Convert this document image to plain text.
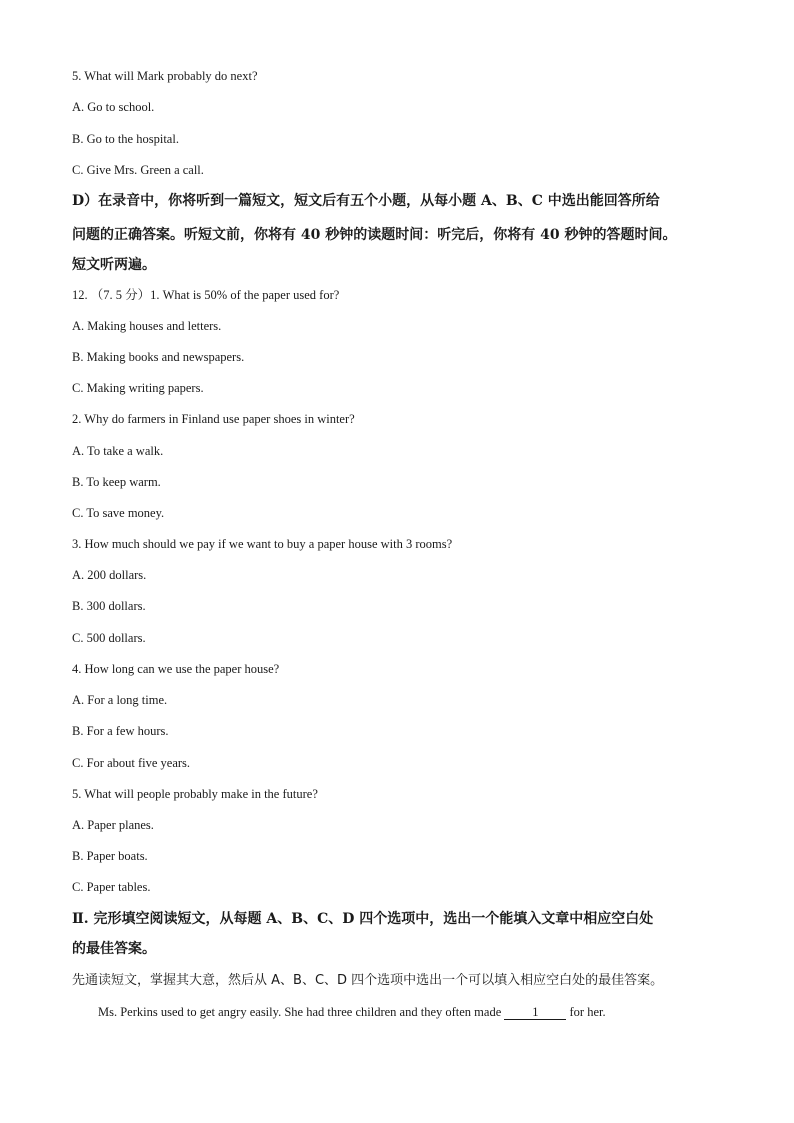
5. What will Mark probably do next?
A. Go to school.
B. Go to the hospital.
C. Give Mrs. Green a call.
D）在录音中，你将听到一篇短文，短文后有五个小题，从每小题 A、B、C 中选出能回答所给
问题的正确答案。听短文前，你将有 40 秒钟的读题时间：听完后，你将有 40 秒钟的答题时间。
短文听两遍。
12. （7. 5 分）1. What is 50% of the paper used for?
A. Making houses and letters.
B. Making books and newspapers.
C. Making writing papers.
2. Why do farmers in Finland use paper shoes in winter?
A. To take a walk.
B. To keep warm.
C. To save money.
3. How much should we pay if we want to buy a paper house with 3 rooms?
A. 200 dollars.
B. 300 dollars.
C. 500 dollars.
4. How long can we use the paper house?
A. For a long time.
B. For a few hours.
C. For about five years.
5. What will people probably make in the future?
A. Paper planes.
B. Paper boats.
C. Paper tables.
Ⅱ. 完形填空阅读短文，从每题 A、B、C、D 四个选项中，选出一个能填入文章中相应空白处
的最佳答案。
先通读短文，掌握其大意，然后从 A、B、C、D 四个选项中选出一个可以填入相应空白处的最佳答案。
Ms. Perkins used to get angry easily. She had three children and they often made 1 for her.
